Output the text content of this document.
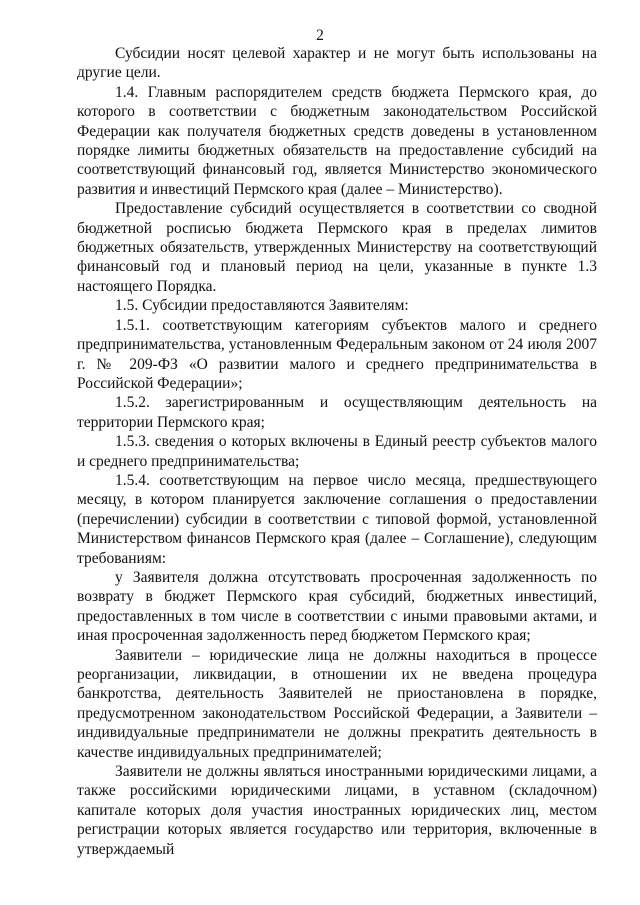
2

Субсидии носят целевой характер и не могут быть использованы на другие цели.

1.4. Главным распорядителем средств бюджета Пермского края, до которого в соответствии с бюджетным законодательством Российской Федерации как получателя бюджетных средств доведены в установленном порядке лимиты бюджетных обязательств на предоставление субсидий на соответствующий финансовый год, является Министерство экономического развития и инвестиций Пермского края (далее – Министерство).

Предоставление субсидий осуществляется в соответствии со сводной бюджетной росписью бюджета Пермского края в пределах лимитов бюджетных обязательств, утвержденных Министерству на соответствующий финансовый год и плановый период на цели, указанные в пункте 1.3 настоящего Порядка.

1.5. Субсидии предоставляются Заявителям:

1.5.1. соответствующим категориям субъектов малого и среднего предпринимательства, установленным Федеральным законом от 24 июля 2007 г. № 209-ФЗ «О развитии малого и среднего предпринимательства в Российской Федерации»;

1.5.2. зарегистрированным и осуществляющим деятельность на территории Пермского края;

1.5.3. сведения о которых включены в Единый реестр субъектов малого и среднего предпринимательства;

1.5.4. соответствующим на первое число месяца, предшествующего месяцу, в котором планируется заключение соглашения о предоставлении (перечислении) субсидии в соответствии с типовой формой, установленной Министерством финансов Пермского края (далее – Соглашение), следующим требованиям:

у Заявителя должна отсутствовать просроченная задолженность по возврату в бюджет Пермского края субсидий, бюджетных инвестиций, предоставленных в том числе в соответствии с иными правовыми актами, и иная просроченная задолженность перед бюджетом Пермского края;

Заявители – юридические лица не должны находиться в процессе реорганизации, ликвидации, в отношении их не введена процедура банкротства, деятельность Заявителей не приостановлена в порядке, предусмотренном законодательством Российской Федерации, а Заявители – индивидуальные предприниматели не должны прекратить деятельность в качестве индивидуальных предпринимателей;

Заявители не должны являться иностранными юридическими лицами, а также российскими юридическими лицами, в уставном (складочном) капитале которых доля участия иностранных юридических лиц, местом регистрации которых является государство или территория, включенные в утверждаемый
